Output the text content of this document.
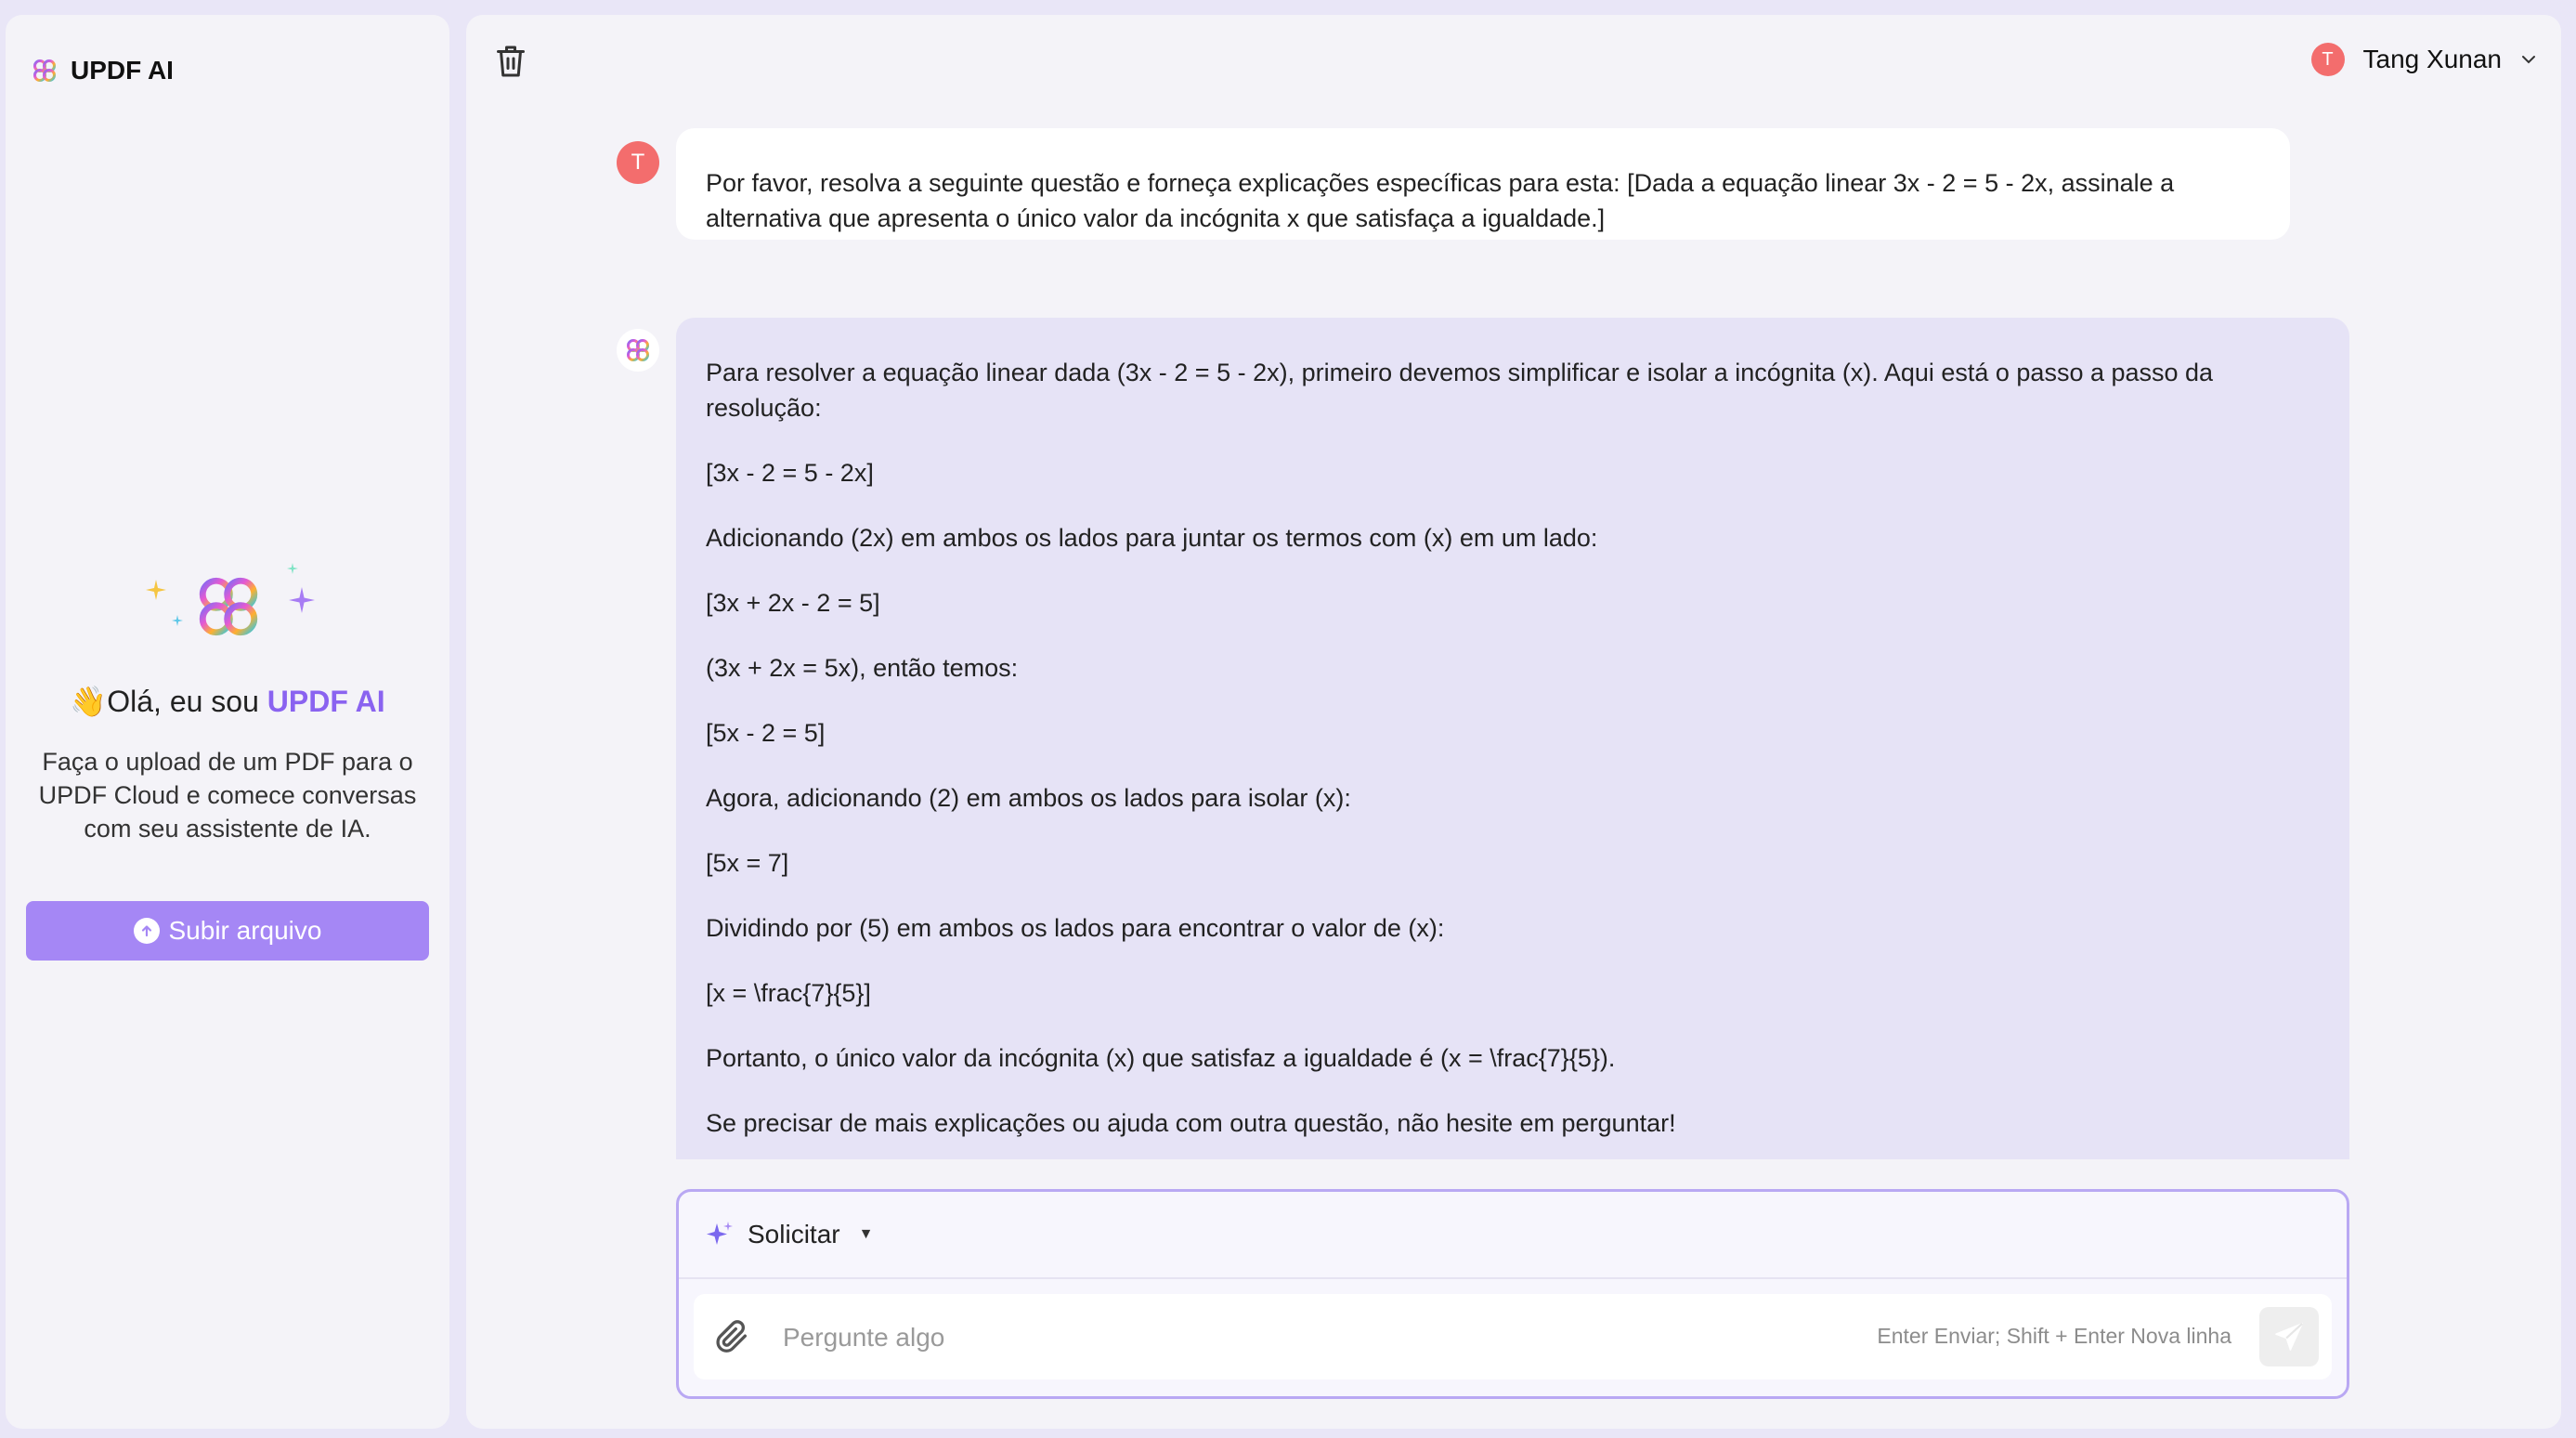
UPDF AI
👋Olá, eu sou UPDF AI
Faça o upload de um PDF para o UPDF Cloud e comece conversas com seu assistente de IA.
Subir arquivo
T	Tang Xunan
T
Por favor, resolva a seguinte questão e forneça explicações específicas para esta: [Dada a equação linear 3x - 2 = 5 - 2x, assinale a alternativa que apresenta o único valor da incógnita x que satisfaça a igualdade.]

Para resolver a equação linear dada (3x - 2 = 5 - 2x), primeiro devemos simplificar e isolar a incógnita (x). Aqui está o passo a passo da resolução:

[3x - 2 = 5 - 2x]

Adicionando (2x) em ambos os lados para juntar os termos com (x) em um lado:

[3x + 2x - 2 = 5]

(3x + 2x = 5x), então temos:

[5x - 2 = 5]

Agora, adicionando (2) em ambos os lados para isolar (x):

[5x = 7]

Dividindo por (5) em ambos os lados para encontrar o valor de (x):

[x = \frac{7}{5}]

Portanto, o único valor da incógnita (x) que satisfaz a igualdade é (x = \frac{7}{5}).

Se precisar de mais explicações ou ajuda com outra questão, não hesite em perguntar!

Solicitar ▼
Pergunte algo
Enter Enviar; Shift + Enter Nova linha
